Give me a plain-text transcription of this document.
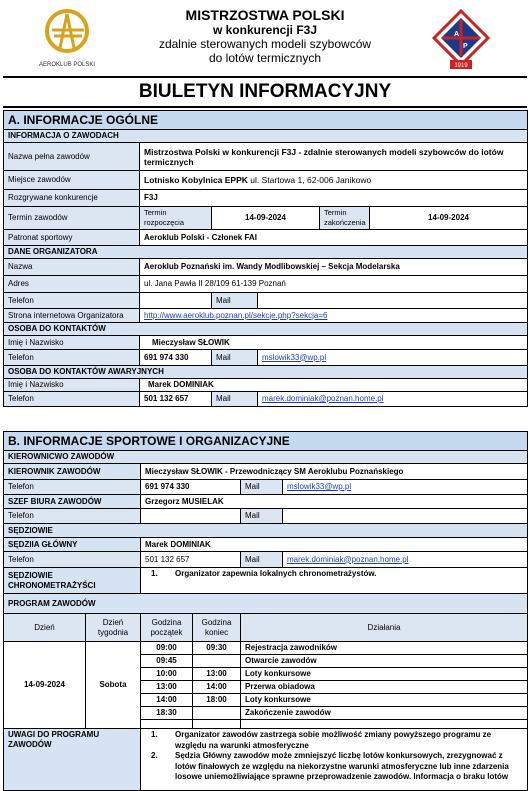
AEROKLUB POLSKI
MISTRZOSTWA POLSKI
w konkurencji F3J
zdalnie sterowanych modeli szybowców
do lotów termicznych
A
P
1919
BIULETYN INFORMACYJNY
A. INFORMACJE OGÓLNE					
INFORMACJA O ZAWODACH					
Nazwa pełna zawodów	Mistrzostwa Polski w konkurencji F3J - zdalnie sterowanych modeli szybowców do lotów termicznych				
Miejsce zawodów	Lotnisko Kobylnica EPPK ul. Startowa 1, 62-006 Janikowo				
Rozgrywane konkurencje	F3J				
Termin zawodów	Termin rozpoczęcia	14-09-2024		Termin zakończenia	14-09-2024
Patronat sportowy	Aeroklub Polski - Członek FAI				
DANE ORGANIZATORA					
Nazwa	Aeroklub Poznański im. Wandy Modlibowskiej – Sekcja Modelarska				
Adres	ul. Jana Pawła II 28/109 61-139 Poznań				
Telefon		Mail			
Strona internetowa Organizatora	http://www.aeroklub.poznan.pl/sekcje.php?sekcja=6				
OSOBA DO KONTAKTÓW					
Imię i Nazwisko	Mieczysław SŁOWIK				
Telefon	691 974 330	Mail	mslowik33@wp.pl		
OSOBA DO KONTAKTÓW AWARYJNYCH					
Imię i Nazwisko	Marek DOMINIAK				
Telefon	501 132 657	Mail	marek.dominiak@poznan.home.pl		
B. INFORMACJE SPORTOWE I ORGANIZACYJNE					
KIEROWNICWO ZAWODÓW					
KIEROWNIK ZAWODÓW		Mieczysław SŁOWIK - Przewodniczący SM Aeroklubu Poznańskiego			
Telefon		691 974 330		Mail	mslowik33@wp.pl
SZEF BIURA ZAWODÓW		Grzegorz MUSIELAK			
Telefon				Mail	
SĘDZIOWIE					
SĘDZIIA GŁÓWNY		Marek DOMINIAK			
Telefon		501 132 657		Mail	marek.dominiak@poznan.home.pl
SĘDZIOWIE CHRONOMETRAŻYŚCI		1. Organizator zapewnia lokalnych chronometrażystów.			
PROGRAM ZAWODÓW					
Dzień	Dzień tygodnia	Godzina początek	Godzina koniec	Działania	
14-09-2024	Sobota	09:00	09:30	Rejestracja zawodników	
		09:45		Otwarcie zawodów	
		10:00	13:00	Loty konkursowe	
		13:00	14:00	Przerwa obiadowa	
		14:00	18:00	Loty konkursowe	
		18:30		Zakończenie zawodów	

UWAGI DO PROGRAMU ZAWODÓW		1. Organizator zawodów zastrzega sobie możliwość zmiany powyższego programu ze względu na warunki atmosferyczne
2. Sędzia Główny zawodów może zmniejszyć liczbę lotów konkursowych, zrezygnować z lotów finałowych ze względu na niekorzystne warunki atmosferyczne lub inne zdarzenia losowe uniemożliwiające sprawne przeprowadzenie zawodów. Informacja o braku lotów			
